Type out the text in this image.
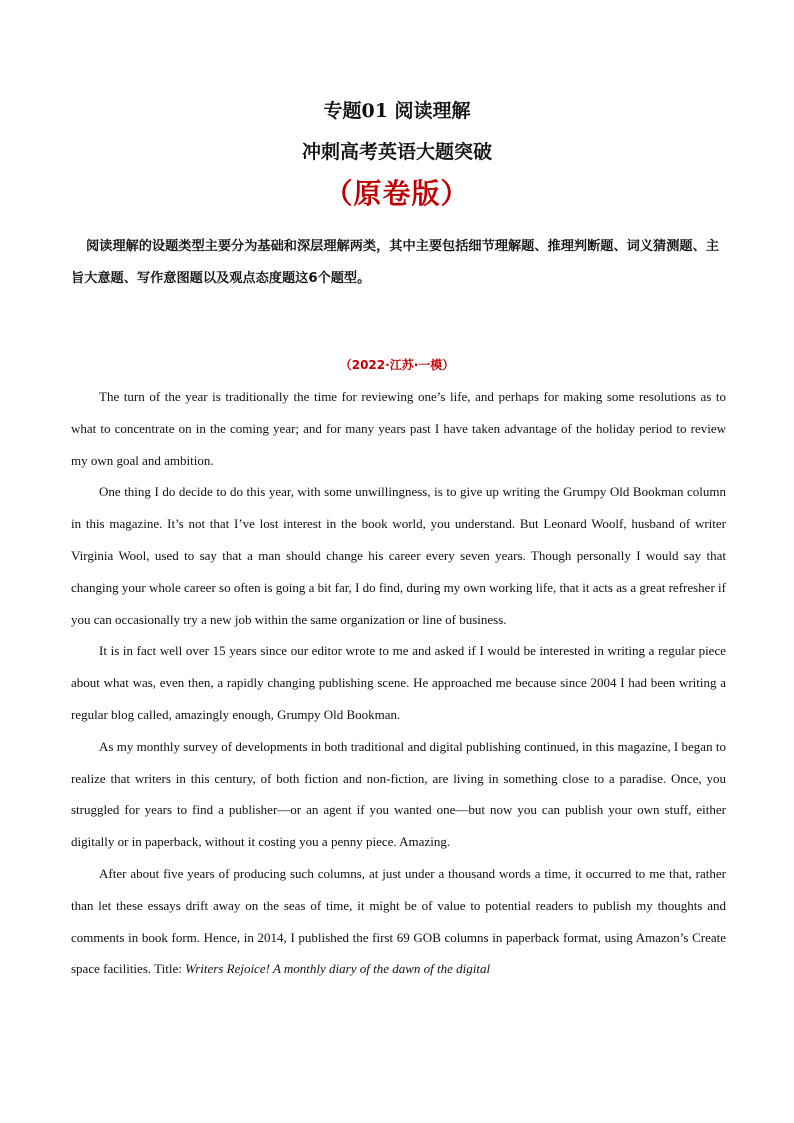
专题01 阅读理解
冲刺高考英语大题突破
（原卷版）
阅读理解的设题类型主要分为基础和深层理解两类，其中主要包括细节理解题、推理判断题、词义猜测题、主旨大意题、写作意图题以及观点态度题这6个题型。
（2022·江苏·一模）

The turn of the year is traditionally the time for reviewing one’s life, and perhaps for making some resolutions as to what to concentrate on in the coming year; and for many years past I have taken advantage of the holiday period to review my own goal and ambition.

One thing I do decide to do this year, with some unwillingness, is to give up writing the Grumpy Old Bookman column in this magazine. It’s not that I’ve lost interest in the book world, you understand. But Leonard Woolf, husband of writer Virginia Wool, used to say that a man should change his career every seven years. Though personally I would say that changing your whole career so often is going a bit far, I do find, during my own working life, that it acts as a great refresher if you can occasionally try a new job within the same organization or line of business.

It is in fact well over 15 years since our editor wrote to me and asked if I would be interested in writing a regular piece about what was, even then, a rapidly changing publishing scene. He approached me because since 2004 I had been writing a regular blog called, amazingly enough, Grumpy Old Bookman.

As my monthly survey of developments in both traditional and digital publishing continued, in this magazine, I began to realize that writers in this century, of both fiction and non-fiction, are living in something close to a paradise. Once, you struggled for years to find a publisher—or an agent if you wanted one—but now you can publish your own stuff, either digitally or in paperback, without it costing you a penny piece. Amazing.

After about five years of producing such columns, at just under a thousand words a time, it occurred to me that, rather than let these essays drift away on the seas of time, it might be of value to potential readers to publish my thoughts and comments in book form. Hence, in 2014, I published the first 69 GOB columns in paperback format, using Amazon’s Create space facilities. Title: Writers Rejoice! A monthly diary of the dawn of the digital
